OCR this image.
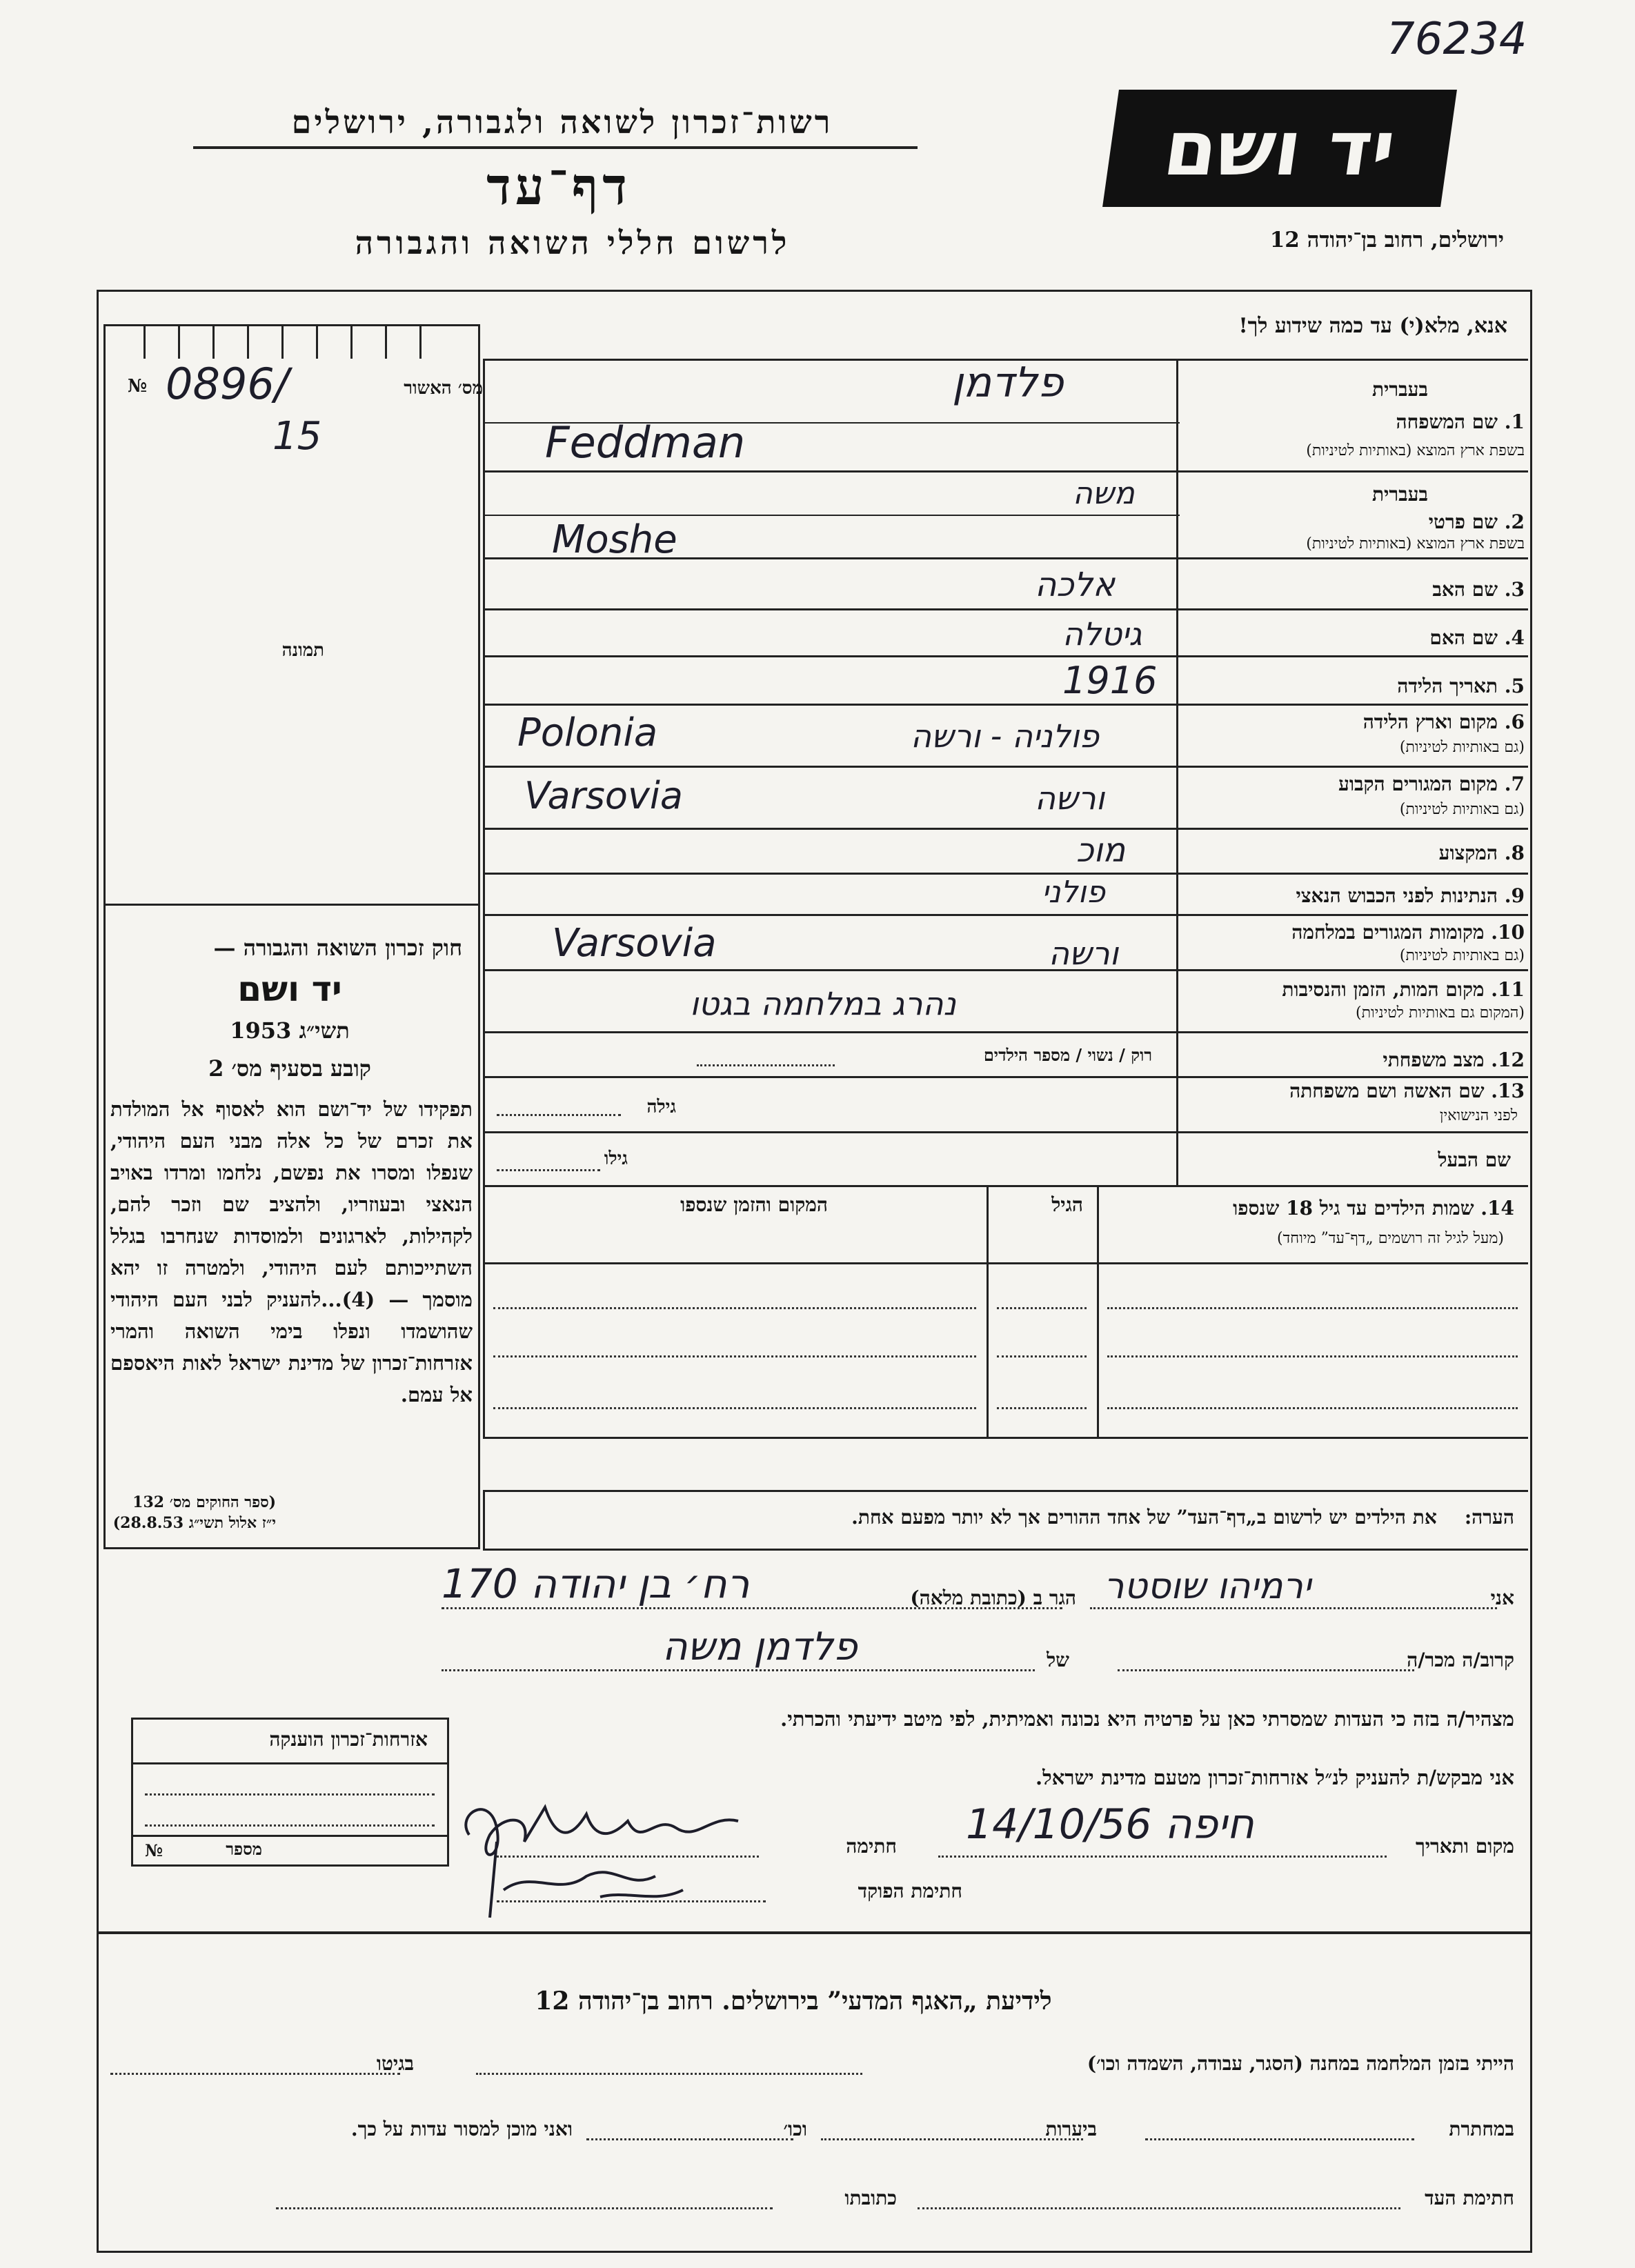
76234
יד ושם
ירושלים, רחוב בן־יהודה 12
רשות־זכרון לשואה ולגבורה, ירושלים
דף־עד
לרשום חללי השואה והגבורה
אנא, מלא(י) עד כמה שידוע לך!
№ 0896/
15
מס׳ האשור
תמונה
חוק זכרון השואה והגבורה —
יד ושם
תשי״ג 1953
קובע בסעיף מס׳ 2
תפקידו של יד־ושם הוא לאסוף אל המולדת את זכרם של כל אלה מבני העם היהודי, שנפלו ומסרו את נפשם, נלחמו ומרדו באויב הנאצי ובעוזריו, ולהציב שם וזכר להם, לקהילות, לארגונים ולמוסדות שנחרבו בגלל השתייכותם לעם היהודי, ולמטרה זו יהא מוסמך — (4)...להעניק לבני העם היהודי שהושמדו ונפלו בימי השואה והמרי אזרחות־זכרון של מדינת ישראל לאות היאספם אל עמם.
(ספר החוקים מס׳ 132
י״ז אלול תשי״ג 28.8.53)
בעברית
1. שם המשפחה
בשפת ארץ המוצא (באותיות לטיניות)
פלדמן
Feddman
בעברית
2. שם פרטי
בשפת ארץ המוצא (באותיות לטיניות)
משה
Moshe
3. שם האב
אלכה
4. שם האם
גיטלה
5. תאריך הלידה
1916
6. מקום וארץ הלידה
(גם באותיות לטיניות)
פולניה - ורשה
Polonia
7. מקום המגורים הקבוע
(גם באותיות לטיניות)
ורשה
Varsovia
8. המקצוע
מוכ
9. הנתינות לפני הכבוש הנאצי
פולני
10. מקומות המגורים במלחמה
(גם באותיות לטיניות)
ורשה
Varsovia
11. מקום המות, הזמן והנסיבות
(המקום גם באותיות לטיניות)
נהרג במלחמה בגטו
12. מצב משפחתי
רוק / נשוי / מספר הילדים
13. שם האשה ושם משפחתה
לפני הנישואין
גילה
שם הבעל
גילו
14. שמות הילדים עד גיל 18 שנספו
(מעל לגיל זה רושמים „דף־עד” מיוחד)
הגיל
המקום והזמן שנספו
הערה:את הילדים יש לרשום ב„דף־העד” של אחד ההורים אך לא יותר מפעם אחת.
אני
ירמיהו שוסטר
הגר ב (כתובת מלאה)
רח׳ בן יהודה 170
קרוב/ה מכר/ה
של
פלדמן משה
מצהיר/ה בזה כי העדות שמסרתי כאן על פרטיה היא נכונה ואמיתית, לפי מיטב ידיעתי והכרתי.
אני מבקש/ת להעניק לנ״ל אזרחות־זכרון מטעם מדינת ישראל.
מקום ותאריך
חיפה 14/10/56
חתימה
חתימת הפוקד
אזרחות־זכרון הוענקה
№	מספר
לידיעת „האגף המדעי” בירושלים. רחוב בן־יהודה 12
הייתי בזמן המלחמה במחנה (הסגר, עבודה, השמדה וכו׳)
בגיטו
במחתרת
ביערות
וכו׳
ואני מוכן למסור עדות על כך.
חתימת העד
כתובתו
